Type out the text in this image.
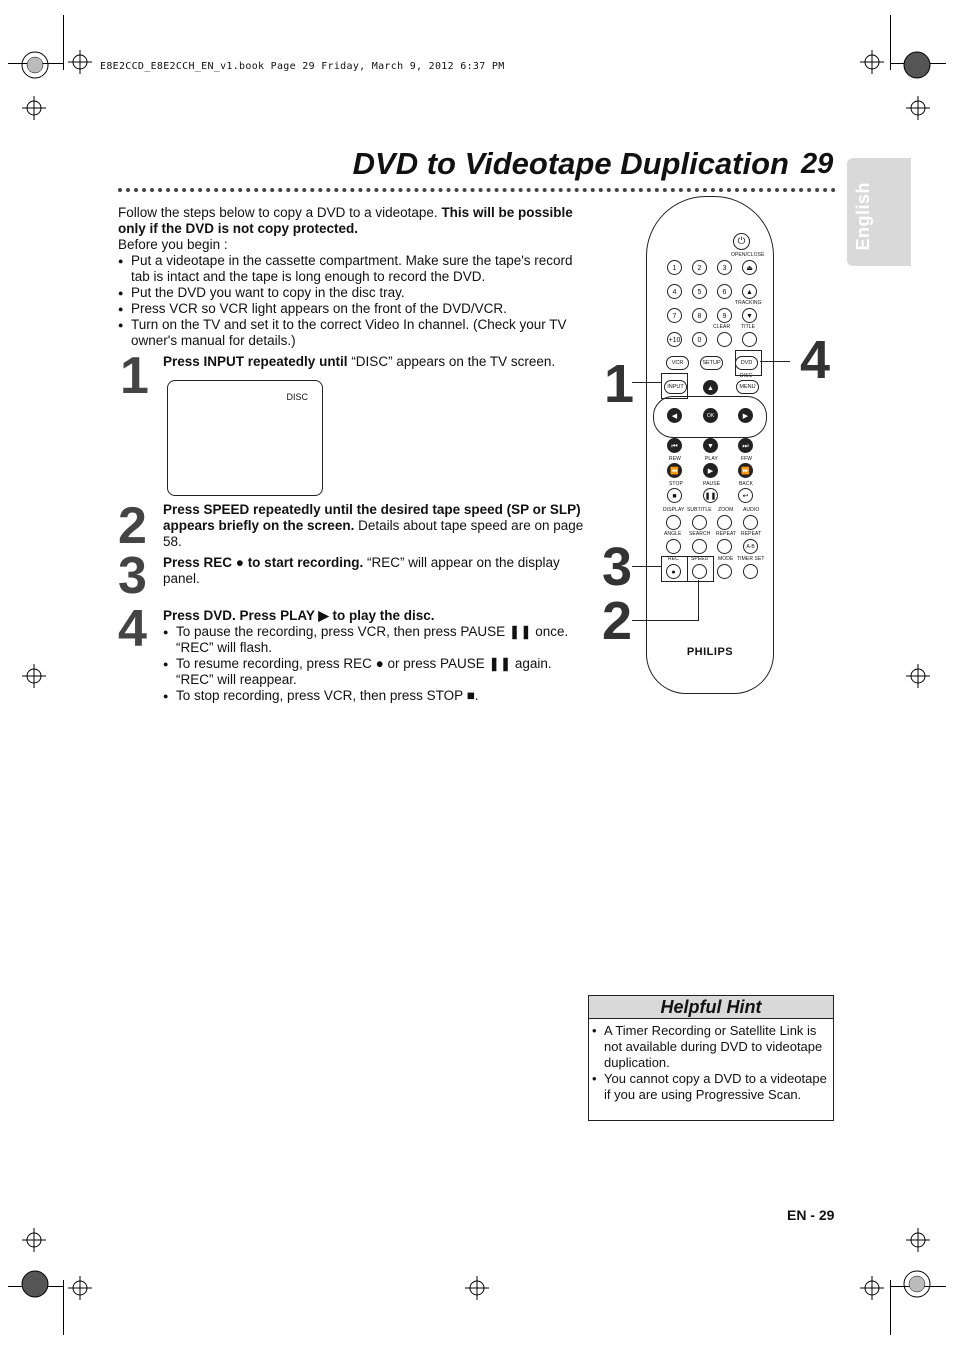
E8E2CCD_E8E2CCH_EN_v1.book Page 29 Friday, March 9, 2012 6:37 PM
DVD to Videotape Duplication 29
English
Follow the steps below to copy a DVD to a videotape. This will be possible only if the DVD is not copy protected.
Before you begin :
● Put a videotape in the cassette compartment. Make sure the tape's record tab is intact and the tape is long enough to record the DVD.
● Put the DVD you want to copy in the disc tray.
● Press VCR so VCR light appears on the front of the DVD/VCR.
● Turn on the TV and set it to the correct Video In channel. (Check your TV owner's manual for details.)
1 Press INPUT repeatedly until “DISC” appears on the TV screen.
DISC
2 Press SPEED repeatedly until the desired tape speed (SP or SLP) appears briefly on the screen. Details about tape speed are on page 58.
3 Press REC ● to start recording. “REC” will appear on the display panel.
4 Press DVD. Press PLAY ▶ to play the disc.
● To pause the recording, press VCR, then press PAUSE ❚❚ once. “REC” will flash.
● To resume recording, press REC ● or press PAUSE ❚❚ again. “REC” will reappear.
● To stop recording, press VCR, then press STOP ■.
⏻
OPEN/CLOSE
1	2	3	⏏
4	5	6	▲
TRACKING
7	8	9	▼
CLEAR TITLE
+10	0
VCR	SETUP	DVD
DISC
INPUT	▲	MENU
◀	OK	▶
⏮	▼	⏭
REW	PLAY	FFW
⏪	▶	⏩
STOP	PAUSE	BACK
■	❚❚	↩
DISPLAY SUBTITLE ZOOM AUDIO
ANGLE SEARCH REPEAT REPEAT
A-B
REC SPEED MODE TIMER SET
●
PHILIPS
1	4
3
2
Helpful Hint
• A Timer Recording or Satellite Link is not available during DVD to videotape duplication.
• You cannot copy a DVD to a videotape if you are using Progressive Scan.
EN - 29
